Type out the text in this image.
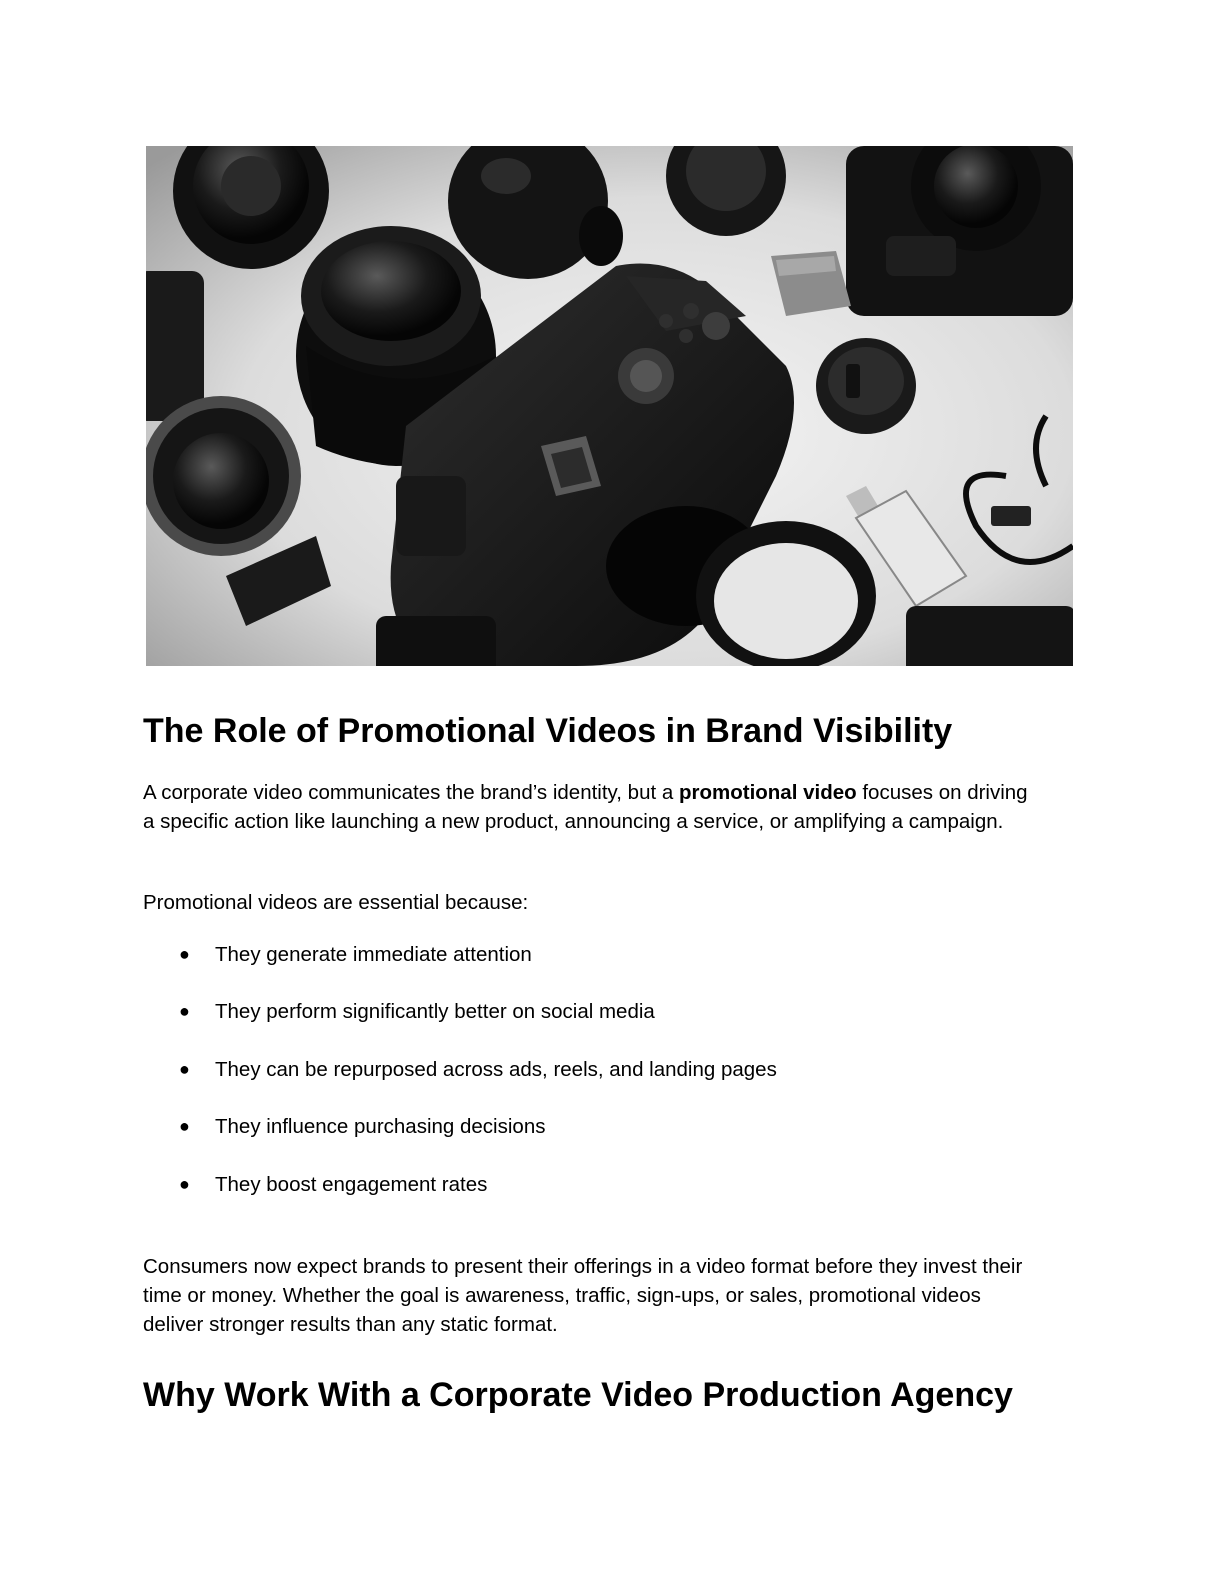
The Role of Promotional Videos in Brand Visibility

A corporate video communicates the brand’s identity, but a promotional video focuses on driving a specific action like launching a new product, announcing a service, or amplifying a campaign.

Promotional videos are essential because:

● They generate immediate attention
● They perform significantly better on social media
● They can be repurposed across ads, reels, and landing pages
● They influence purchasing decisions
● They boost engagement rates

Consumers now expect brands to present their offerings in a video format before they invest their time or money. Whether the goal is awareness, traffic, sign-ups, or sales, promotional videos deliver stronger results than any static format.

Why Work With a Corporate Video Production Agency
